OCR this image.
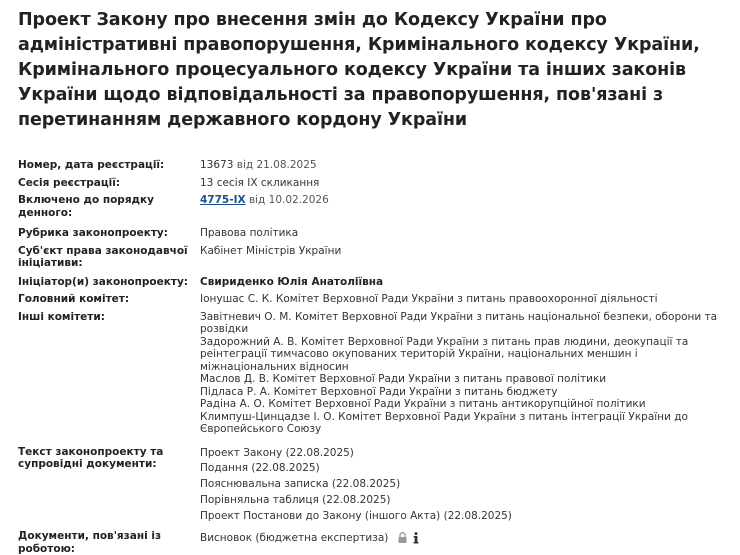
Проект Закону про внесення змін до Кодексу України про адміністративні правопорушення, Кримінального кодексу України, Кримінального процесуального кодексу України та інших законів України щодо відповідальності за правопорушення, пов'язані з перетинанням державного кордону України
Номер, дата реєстрації:	13673 від 21.08.2025
Сесія реєстрації:	13 сесія IX скликання
Включено до порядку денного:
4775-IX від 10.02.2026
Рубрика законопроекту:	Правова політика
Суб'єкт права законодавчої ініціативи:
Кабінет Міністрів України
Ініціатор(и) законопроекту:	Свириденко Юлія Анатоліївна
Головний комітет:	Іонушас С. К. Комітет Верховної Ради України з питань правоохоронної діяльності
Інші комітети:	Завітневич О. М. Комітет Верховної Ради України з питань національної безпеки, оборони та розвідки
Задорожний А. В. Комітет Верховної Ради України з питань прав людини, деокупації та реінтеграції тимчасово окупованих територій України, національних меншин і міжнаціональних відносин
Маслов Д. В. Комітет Верховної Ради України з питань правової політики
Підласа Р. А. Комітет Верховної Ради України з питань бюджету
Радіна А. О. Комітет Верховної Ради України з питань антикорупційної політики
Климпуш-Цинцадзе І. О. Комітет Верховної Ради України з питань інтеграції України до Європейського Союзу
Текст законопроекту та супровідні документи:
Проект Закону (22.08.2025)
Подання (22.08.2025)
Пояснювальна записка (22.08.2025)
Порівняльна таблиця (22.08.2025)
Проект Постанови до Закону (іншого Акта) (22.08.2025)
Документи, пов'язані із роботою:
Висновок (бюджетна експертиза)
